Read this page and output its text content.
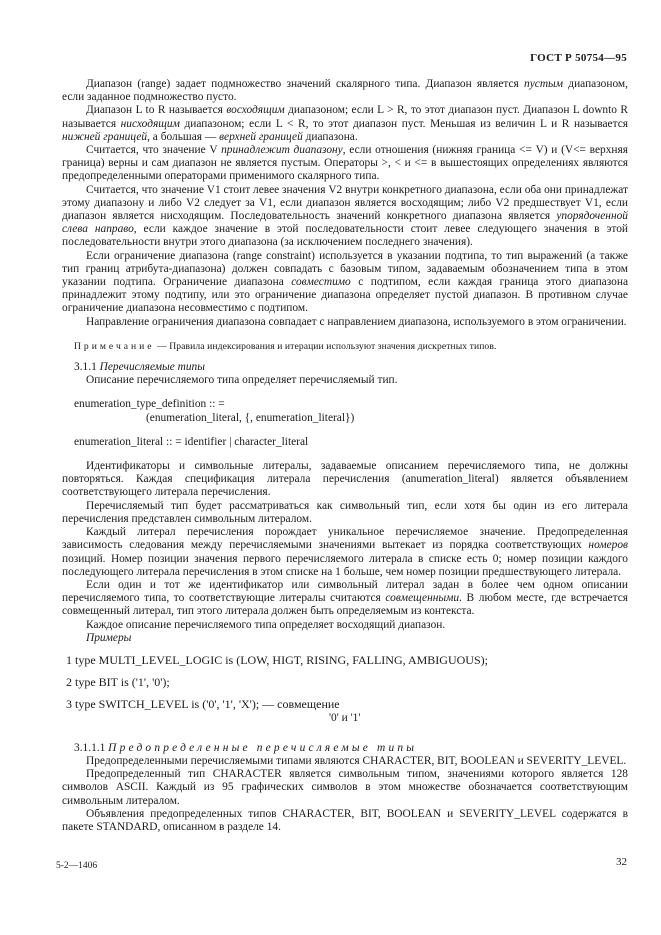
ГОСТ Р 50754—95

Диапазон (range) задает подмножество значений скалярного типа. Диапазон является пустым диапазоном, если заданное подмножество пусто.

Диапазон L to R называется восходящим диапазоном; если L > R, то этот диапазон пуст. Диапазон L downto R называется нисходящим диапазоном; если L < R, то этот диапазон пуст. Меньшая из величин L и R называется нижней границей, а большая — верхней границей диапазона.

Считается, что значение V принадлежит диапазону, если отношения (нижняя граница <= V) и (V<= верхняя граница) верны и сам диапазон не является пустым. Операторы >, < и <= в вышестоящих определениях являются предопределенными операторами применимого скалярного типа.

Считается, что значение V1 стоит левее значения V2 внутри конкретного диапазона, если оба они принадлежат этому диапазону и либо V2 следует за V1, если диапазон является восходящим; либо V2 предшествует V1, если диапазон является нисходящим. Последовательность значений конкретного диапазона является упорядоченной слева направо, если каждое значение в этой последовательности стоит левее следующего значения в этой последовательности внутри этого диапазона (за исключением последнего значения).

Если ограничение диапазона (range constraint) используется в указании подтипа, то тип выражений (а также тип границ атрибута-диапазона) должен совпадать с базовым типом, задаваемым обозначением типа в этом указании подтипа. Ограничение диапазона совместимо с подтипом, если каждая граница этого диапазона принадлежит этому подтипу, или это ограничение диапазона определяет пустой диапазон. В противном случае ограничение диапазона несовместимо с подтипом.

Направление ограничения диапазона совпадает с направлением диапазона, используемого в этом ограничении.

Примечание — Правила индексирования и итерации используют значения дискретных типов.

3.1.1 Перечисляемые типы

Описание перечисляемого типа определяет перечисляемый тип.

enumeration_type_definition :: =

(enumeration_literal, {, enumeration_literal})

enumeration_literal :: = identifier | character_literal

Идентификаторы и символьные литералы, задаваемые описанием перечисляемого типа, не должны повторяться. Каждая спецификация литерала перечисления (anumeration_literal) является объявлением соответствующего литерала перечисления.

Перечисляемый тип будет рассматриваться как символьный тип, если хотя бы один из его литерала перечисления представлен символьным литералом.

Каждый литерал перечисления порождает уникальное перечисляемое значение. Предопределенная зависимость следования между перечисляемыми значениями вытекает из порядка соответствующих номеров позиций. Номер позиции значения первого перечисляемого литерала в списке есть 0; номер позиции каждого последующего литерала перечисления в этом списке на 1 больше, чем номер позиции предшествующего литерала.

Если один и тот же идентификатор или символьный литерал задан в более чем одном описании перечисляемого типа, то соответствующие литералы считаются совмещенными. В любом месте, где встречается совмещенный литерал, тип этого литерала должен быть определяемым из контекста.

Каждое описание перечисляемого типа определяет восходящий диапазон.

Примеры

1 type MULTI_LEVEL_LOGIC is (LOW, HIGT, RISING, FALLING, AMBIGUOUS);

2 type BIT is ('1', '0');

3 type SWITCH_LEVEL is ('0', '1', 'X'); — совмещение

'0' и '1'

3.1.1.1 Предопределенные перечисляемые типы

Предопределенными перечисляемыми типами являются CHARACTER, BIT, BOOLEAN и SEVERITY_LEVEL.

Предопределенный тип CHARACTER является символьным типом, значениями которого является 128 символов ASCII. Каждый из 95 графических символов в этом множестве обозначается соответствующим символьным литералом.

Объявления предопределенных типов CHARACTER, BIT, BOOLEAN и SEVERITY_LEVEL содержатся в пакете STANDARD, описанном в разделе 14.

5-2—1406	32
